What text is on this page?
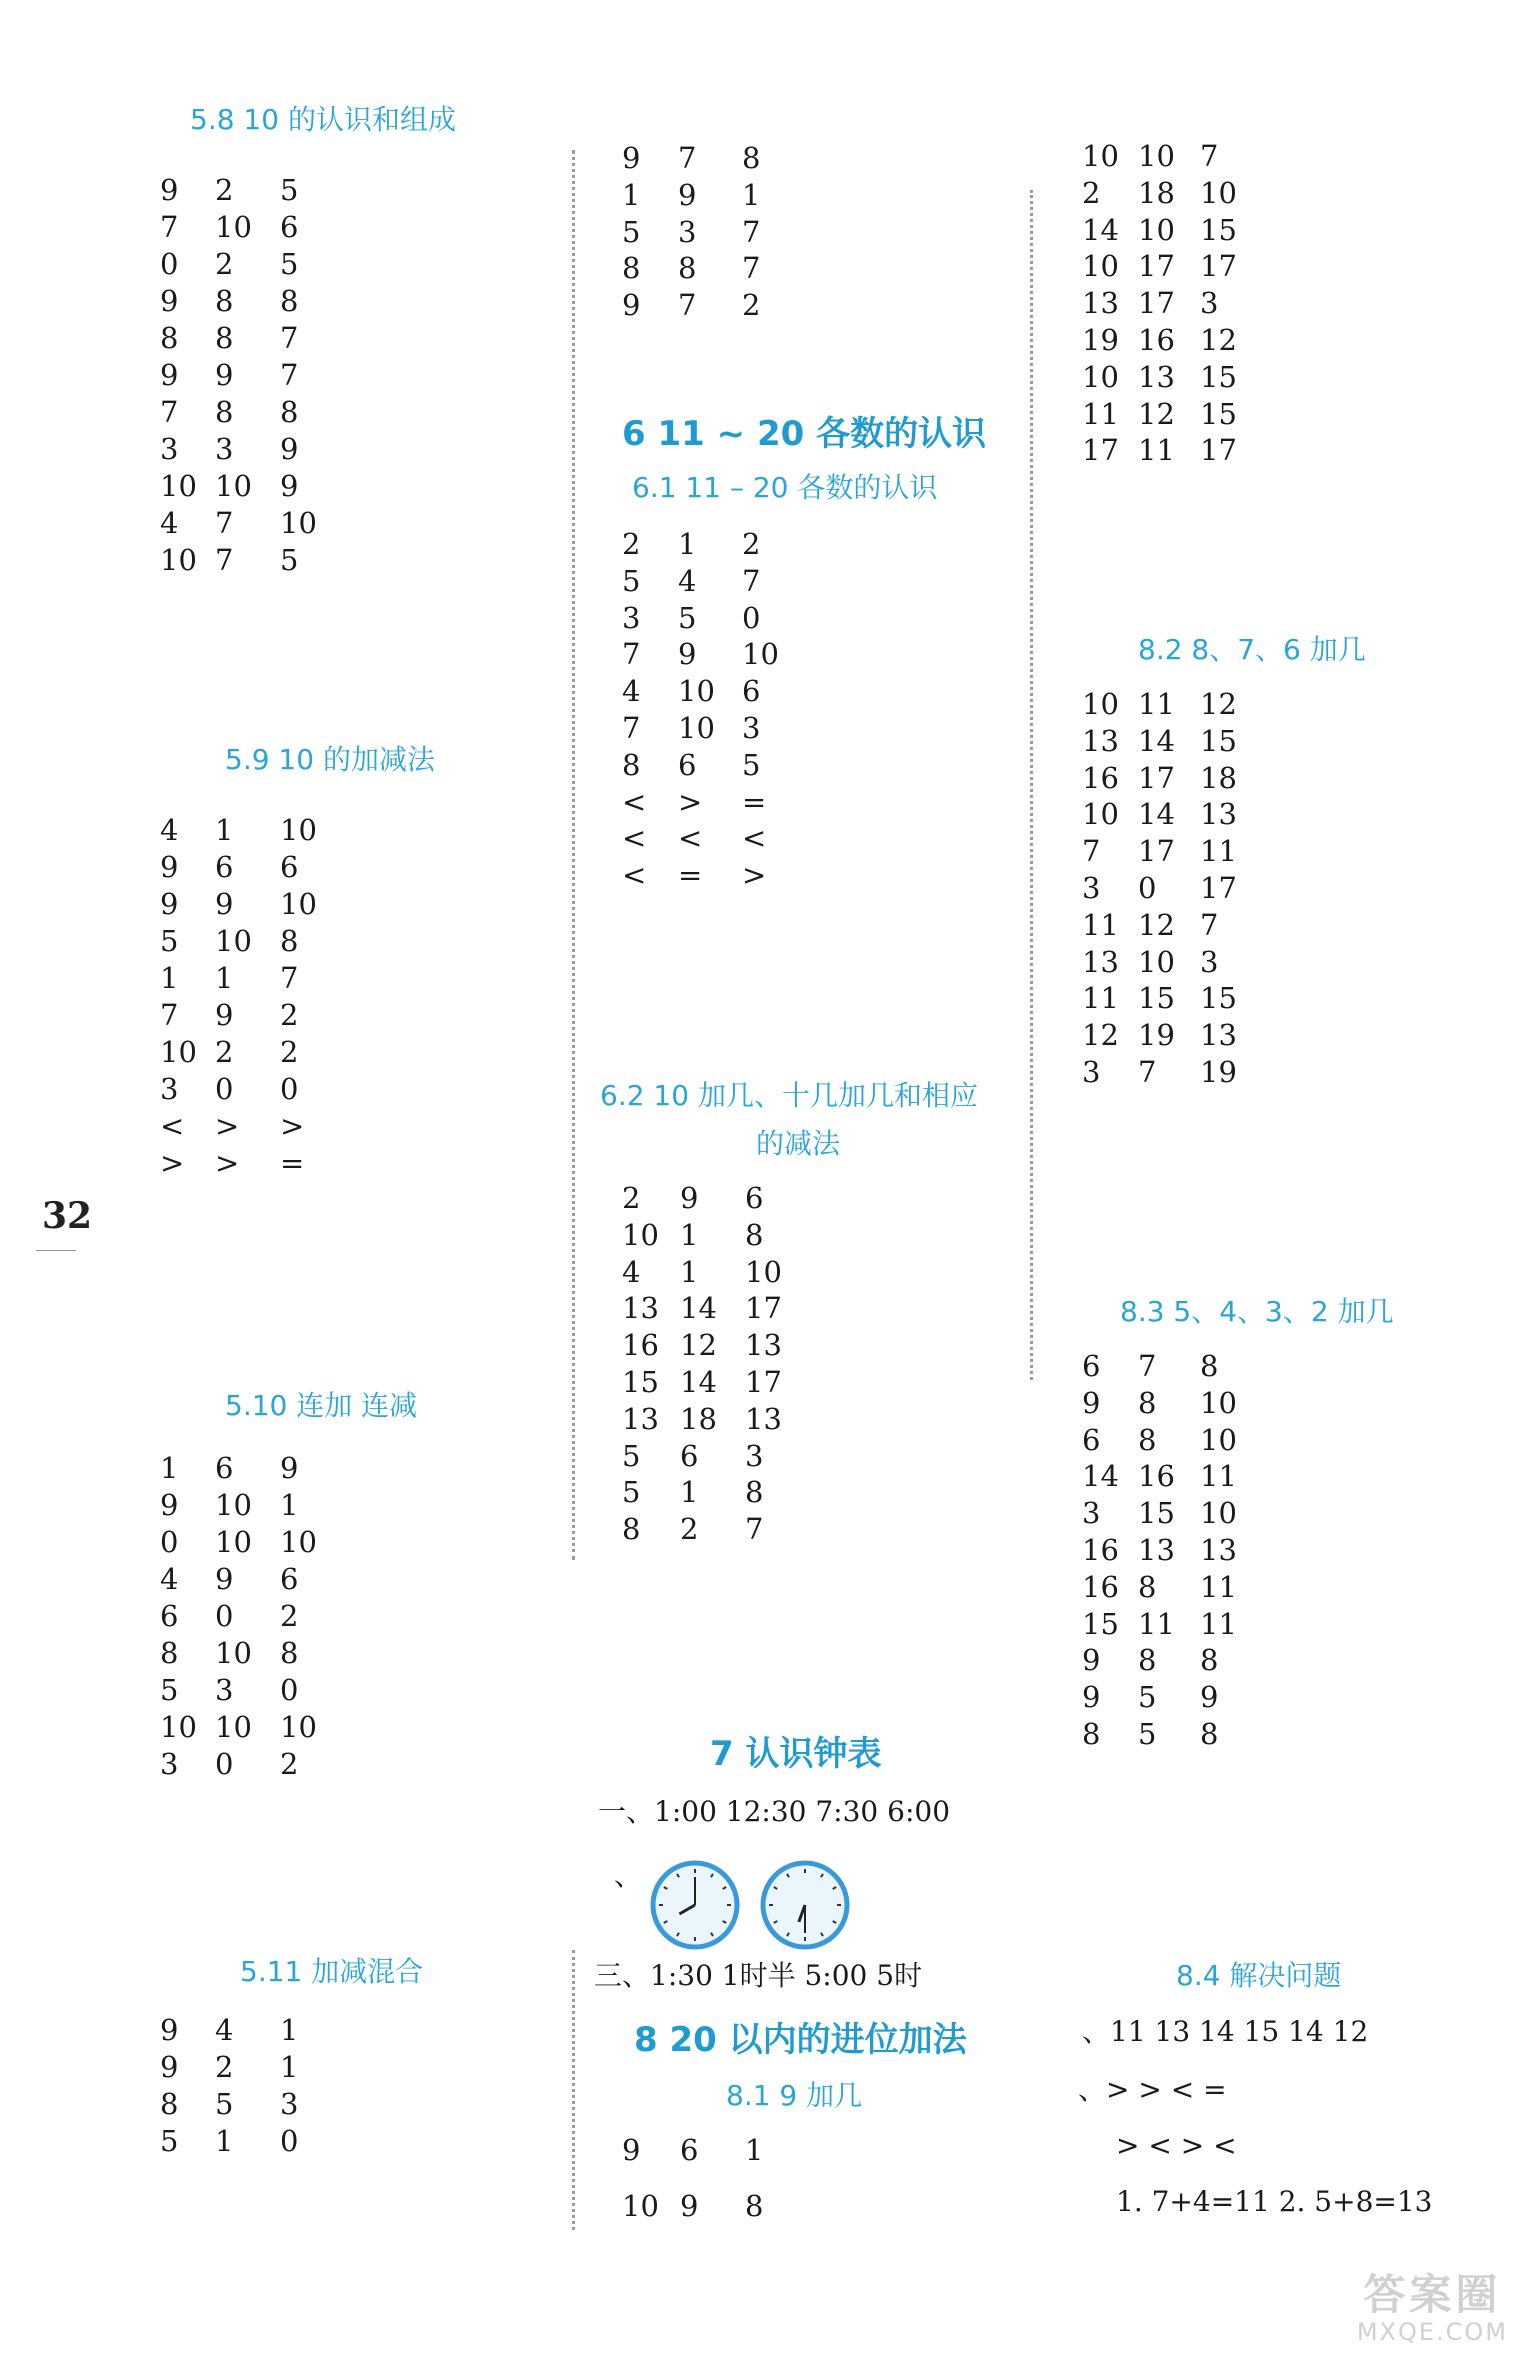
32
答案圈
MXQE.COM
5.8 10 的认识和组成
9 2 5
7 10 6
0 2 5
9 8 8
8 8 7
9 9 7
7 8 8
3 3 9
10 10 9
4 7 10
10 7 5
5.9 10 的加减法
4 1 10
9 6 6
9 9 10
5 10 8
1 1 7
7 9 2
10 2 2
3 0 0
< > >
> > =
5.10 连加 连减
1 6 9
9 10 1
0 10 10
4 9 6
6 0 2
8 10 8
5 3 0
10 10 10
3 0 2
5.11 加减混合
9 4 1
9 2 1
8 5 3
5 1 0
9 7 8
1 9 1
5 3 7
8 8 7
9 7 2
6 11 ~ 20 各数的认识
6.1 11 – 20 各数的认识
2 1 2
5 4 7
3 5 0
7 9 10
4 10 6
7 10 3
8 6 5
< > =
< < <
< = >
6.2 10 加几、十几加几和相应
的减法
2 9 6
10 1 8
4 1 10
13 14 17
16 12 13
15 14 17
13 18 13
5 6 3
5 1 8
8 2 7
7 认识钟表
一、1:00 12:30 7:30 6:00
、
三、1:30 1时半 5:00 5时
8 20 以内的进位加法
8.1 9 加几
9 6 1
10 9 8
10 10 7
2 18 10
14 10 15
10 17 17
13 17 3
19 16 12
10 13 15
11 12 15
17 11 17
8.2 8、7、6 加几
10 11 12
13 14 15
16 17 18
10 14 13
7 17 11
3 0 17
11 12 7
13 10 3
11 15 15
12 19 13
3 7 19
8.3 5、4、3、2 加几
6 7 8
9 8 10
6 8 10
14 16 11
3 15 10
16 13 13
16 8 11
15 11 11
9 8 8
9 5 9
8 5 8
8.4 解决问题
、11 13 14 15 14 12
、> > < =
> < > <
1. 7+4=11 2. 5+8=13
